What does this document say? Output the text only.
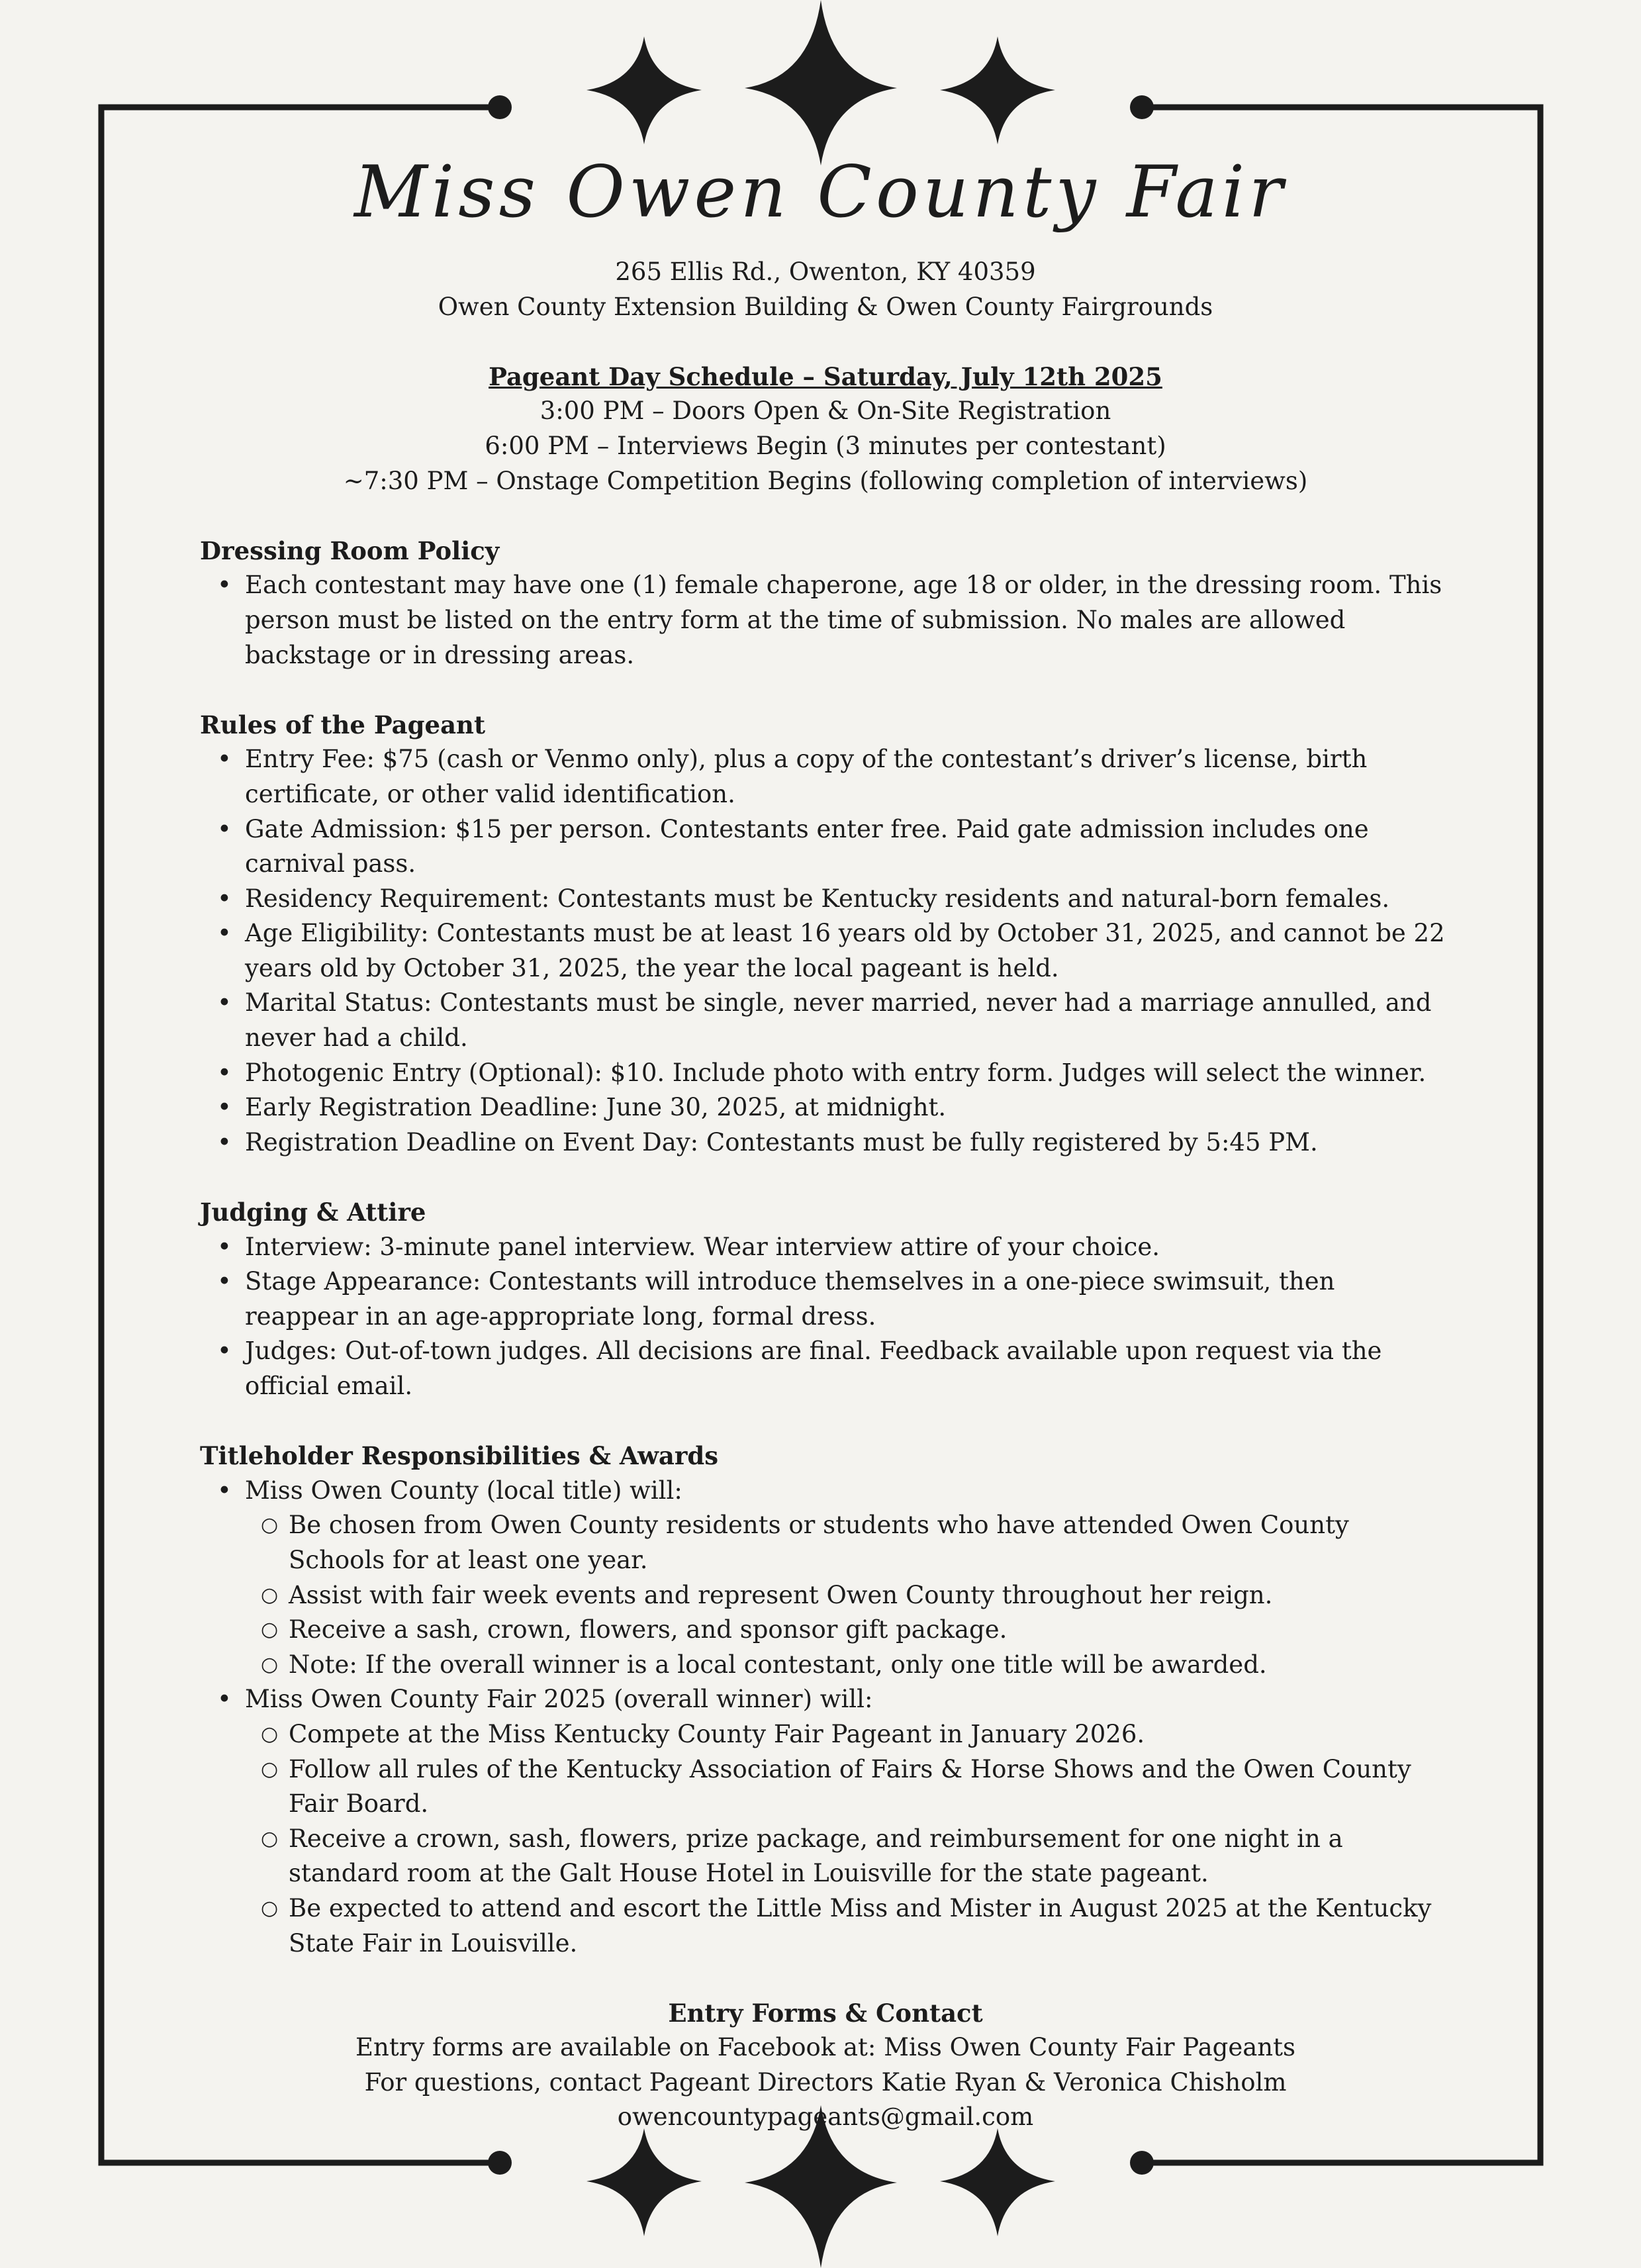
Miss Owen County Fair
265 Ellis Rd., Owenton, KY 40359
Owen County Extension Building & Owen County Fairgrounds
Pageant Day Schedule – Saturday, July 12th 2025
3:00 PM – Doors Open & On-Site Registration
6:00 PM – Interviews Begin (3 minutes per contestant)
~7:30 PM – Onstage Competition Begins (following completion of interviews)
Dressing Room Policy
• Each contestant may have one (1) female chaperone, age 18 or older, in the dressing room. This person must be listed on the entry form at the time of submission. No males are allowed backstage or in dressing areas.
Rules of the Pageant
• Entry Fee: $75 (cash or Venmo only), plus a copy of the contestant’s driver’s license, birth certificate, or other valid identification.
• Gate Admission: $15 per person. Contestants enter free. Paid gate admission includes one carnival pass.
• Residency Requirement: Contestants must be Kentucky residents and natural-born females.
• Age Eligibility: Contestants must be at least 16 years old by October 31, 2025, and cannot be 22 years old by October 31, 2025, the year the local pageant is held.
• Marital Status: Contestants must be single, never married, never had a marriage annulled, and never had a child.
• Photogenic Entry (Optional): $10. Include photo with entry form. Judges will select the winner.
• Early Registration Deadline: June 30, 2025, at midnight.
• Registration Deadline on Event Day: Contestants must be fully registered by 5:45 PM.
Judging & Attire
• Interview: 3-minute panel interview. Wear interview attire of your choice.
• Stage Appearance: Contestants will introduce themselves in a one-piece swimsuit, then reappear in an age-appropriate long, formal dress.
• Judges: Out-of-town judges. All decisions are final. Feedback available upon request via the official email.
Titleholder Responsibilities & Awards
• Miss Owen County (local title) will:
○ Be chosen from Owen County residents or students who have attended Owen County Schools for at least one year.
○ Assist with fair week events and represent Owen County throughout her reign.
○ Receive a sash, crown, flowers, and sponsor gift package.
○ Note: If the overall winner is a local contestant, only one title will be awarded.
• Miss Owen County Fair 2025 (overall winner) will:
○ Compete at the Miss Kentucky County Fair Pageant in January 2026.
○ Follow all rules of the Kentucky Association of Fairs & Horse Shows and the Owen County Fair Board.
○ Receive a crown, sash, flowers, prize package, and reimbursement for one night in a standard room at the Galt House Hotel in Louisville for the state pageant.
○ Be expected to attend and escort the Little Miss and Mister in August 2025 at the Kentucky State Fair in Louisville.
Entry Forms & Contact
Entry forms are available on Facebook at: Miss Owen County Fair Pageants
For questions, contact Pageant Directors Katie Ryan & Veronica Chisholm
owencountypageants@gmail.com
